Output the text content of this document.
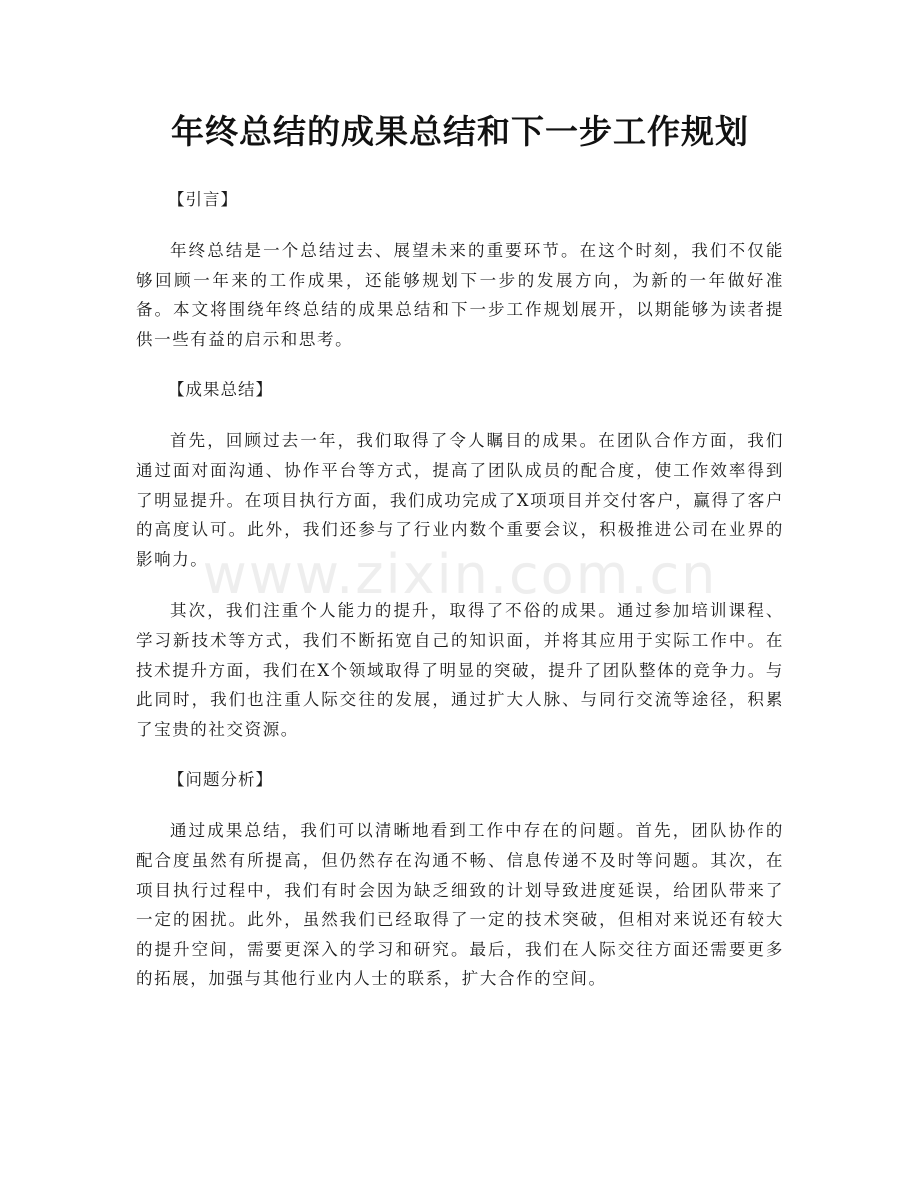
年终总结的成果总结和下一步工作规划
www.zixin.com.cn

【引言】

年终总结是一个总结过去、展望未来的重要环节。在这个时刻，我们不仅能够回顾一年来的工作成果，还能够规划下一步的发展方向，为新的一年做好准备。本文将围绕年终总结的成果总结和下一步工作规划展开，以期能够为读者提供一些有益的启示和思考。

【成果总结】

首先，回顾过去一年，我们取得了令人瞩目的成果。在团队合作方面，我们通过面对面沟通、协作平台等方式，提高了团队成员的配合度，使工作效率得到了明显提升。在项目执行方面，我们成功完成了X项项目并交付客户，赢得了客户的高度认可。此外，我们还参与了行业内数个重要会议，积极推进公司在业界的影响力。

其次，我们注重个人能力的提升，取得了不俗的成果。通过参加培训课程、学习新技术等方式，我们不断拓宽自己的知识面，并将其应用于实际工作中。在技术提升方面，我们在X个领域取得了明显的突破，提升了团队整体的竞争力。与此同时，我们也注重人际交往的发展，通过扩大人脉、与同行交流等途径，积累了宝贵的社交资源。

【问题分析】

通过成果总结，我们可以清晰地看到工作中存在的问题。首先，团队协作的配合度虽然有所提高，但仍然存在沟通不畅、信息传递不及时等问题。其次，在项目执行过程中，我们有时会因为缺乏细致的计划导致进度延误，给团队带来了一定的困扰。此外，虽然我们已经取得了一定的技术突破，但相对来说还有较大的提升空间，需要更深入的学习和研究。最后，我们在人际交往方面还需要更多的拓展，加强与其他行业内人士的联系，扩大合作的空间。
